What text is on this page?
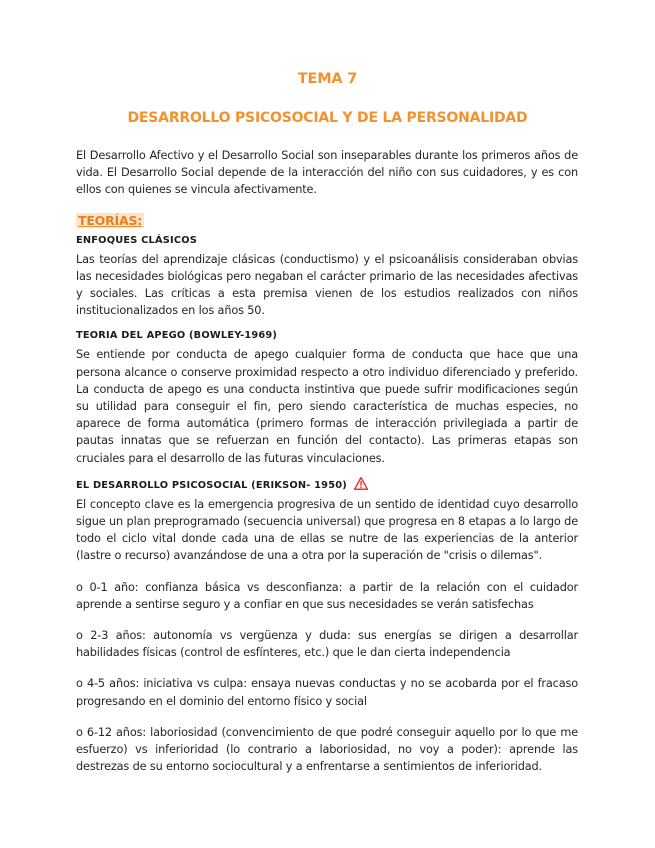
TEMA 7
DESARROLLO PSICOSOCIAL Y DE LA PERSONALIDAD

El Desarrollo Afectivo y el Desarrollo Social son inseparables durante los primeros años de vida. El Desarrollo Social depende de la interacción del niño con sus cuidadores, y es con ellos con quienes se vincula afectivamente.

TEORÍAS:
ENFOQUES CLÁSICOS

Las teorías del aprendizaje clásicas (conductismo) y el psicoanálisis consideraban obvias las necesidades biológicas pero negaban el carácter primario de las necesidades afectivas y sociales. Las críticas a esta premisa vienen de los estudios realizados con niños institucionalizados en los años 50.

TEORIA DEL APEGO (BOWLEY-1969)

Se entiende por conducta de apego cualquier forma de conducta que hace que una persona alcance o conserve proximidad respecto a otro individuo diferenciado y preferido. La conducta de apego es una conducta instintiva que puede sufrir modificaciones según su utilidad para conseguir el fin, pero siendo característica de muchas especies, no aparece de forma automática (primero formas de interacción privilegiada a partir de pautas innatas que se refuerzan en función del contacto). Las primeras etapas son cruciales para el desarrollo de las futuras vinculaciones.

EL DESARROLLO PSICOSOCIAL (ERIKSON- 1950)

El concepto clave es la emergencia progresiva de un sentido de identidad cuyo desarrollo sigue un plan preprogramado (secuencia universal) que progresa en 8 etapas a lo largo de todo el ciclo vital donde cada una de ellas se nutre de las experiencias de la anterior (lastre o recurso) avanzándose de una a otra por la superación de "crisis o dilemas".

o 0-1 año: confianza básica vs desconfianza: a partir de la relación con el cuidador aprende a sentirse seguro y a confiar en que sus necesidades se verán satisfechas

o 2-3 años: autonomía vs vergüenza y duda: sus energías se dirigen a desarrollar habilidades físicas (control de esfínteres, etc.) que le dan cierta independencia

o 4-5 años: iniciativa vs culpa: ensaya nuevas conductas y no se acobarda por el fracaso progresando en el dominio del entorno físico y social

o 6-12 años: laboriosidad (convencimiento de que podré conseguir aquello por lo que me esfuerzo) vs inferioridad (lo contrario a laboriosidad, no voy a poder): aprende las destrezas de su entorno sociocultural y a enfrentarse a sentimientos de inferioridad.
